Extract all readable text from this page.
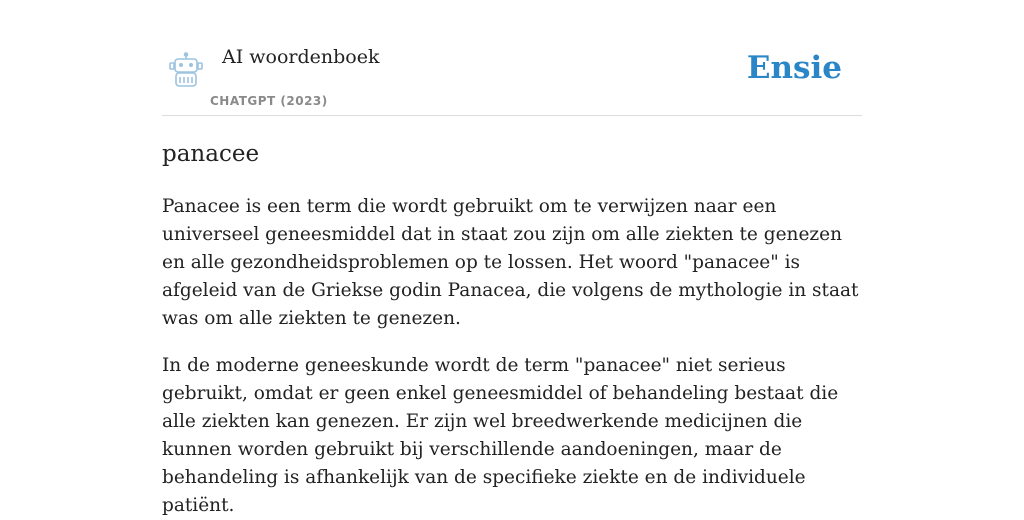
AI woordenboek
CHATGPT (2023)
Ensie
panacee

Panacee is een term die wordt gebruikt om te verwijzen naar een universeel geneesmiddel dat in staat zou zijn om alle ziekten te genezen en alle gezondheidsproblemen op te lossen. Het woord "panacee" is afgeleid van de Griekse godin Panacea, die volgens de mythologie in staat was om alle ziekten te genezen.

In de moderne geneeskunde wordt de term "panacee" niet serieus gebruikt, omdat er geen enkel geneesmiddel of behandeling bestaat die alle ziekten kan genezen. Er zijn wel breedwerkende medicijnen die kunnen worden gebruikt bij verschillende aandoeningen, maar de behandeling is afhankelijk van de specifieke ziekte en de individuele patiënt.
